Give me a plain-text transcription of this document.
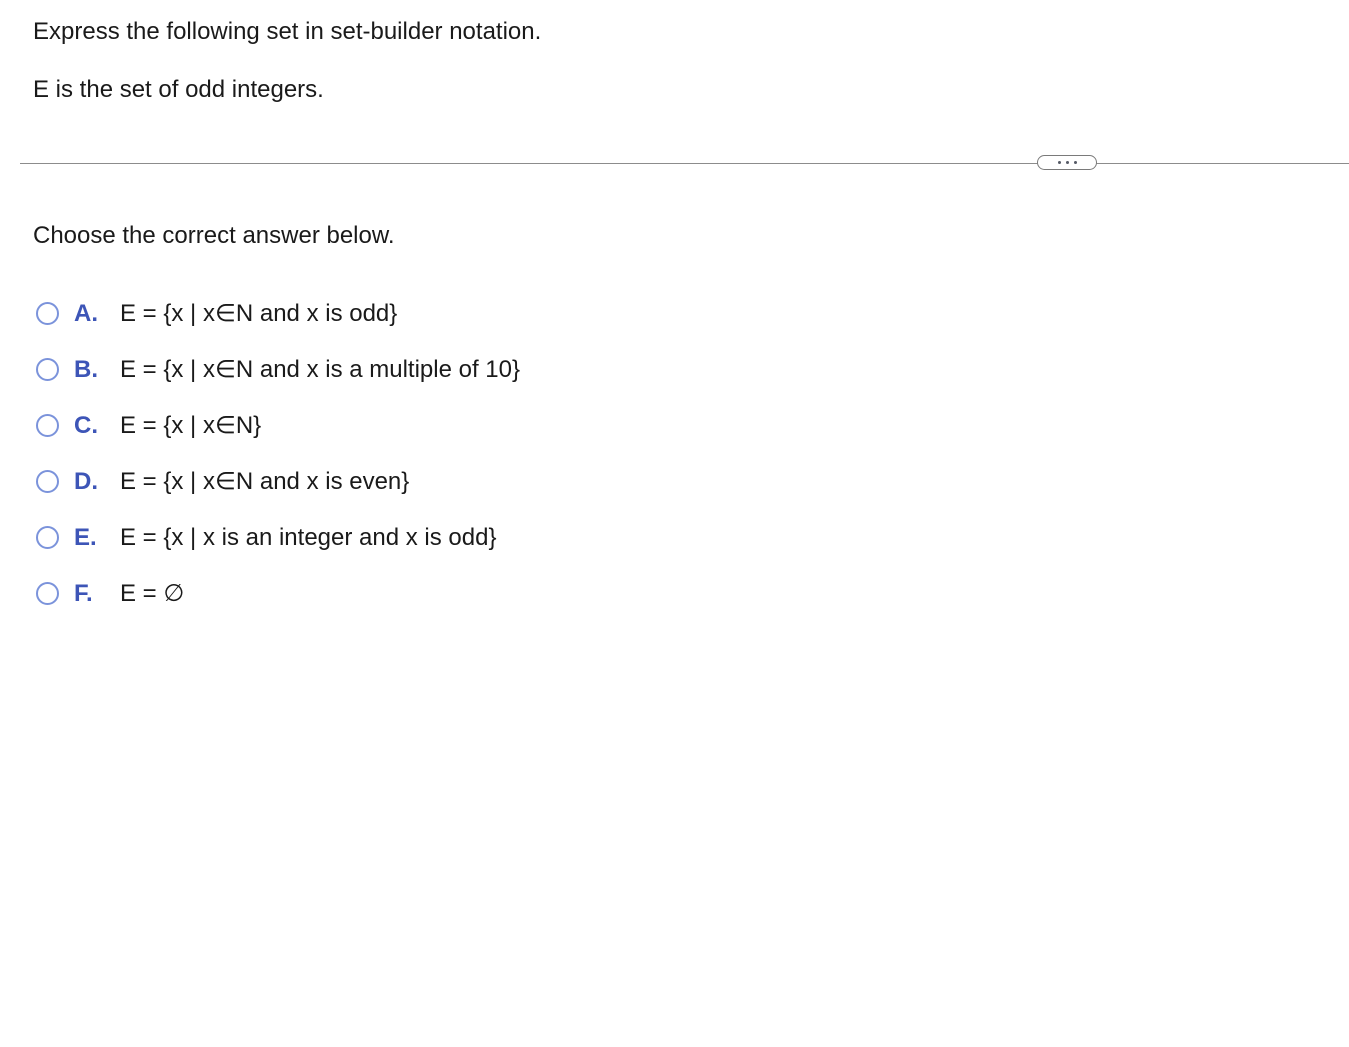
Express the following set in set-builder notation.
E is the set of odd integers.
Choose the correct answer below.
A. E = {x | x∈N and x is odd}
B. E = {x | x∈N and x is a multiple of 10}
C. E = {x | x∈N}
D. E = {x | x∈N and x is even}
E. E = {x | x is an integer and x is odd}
F. E = ∅
